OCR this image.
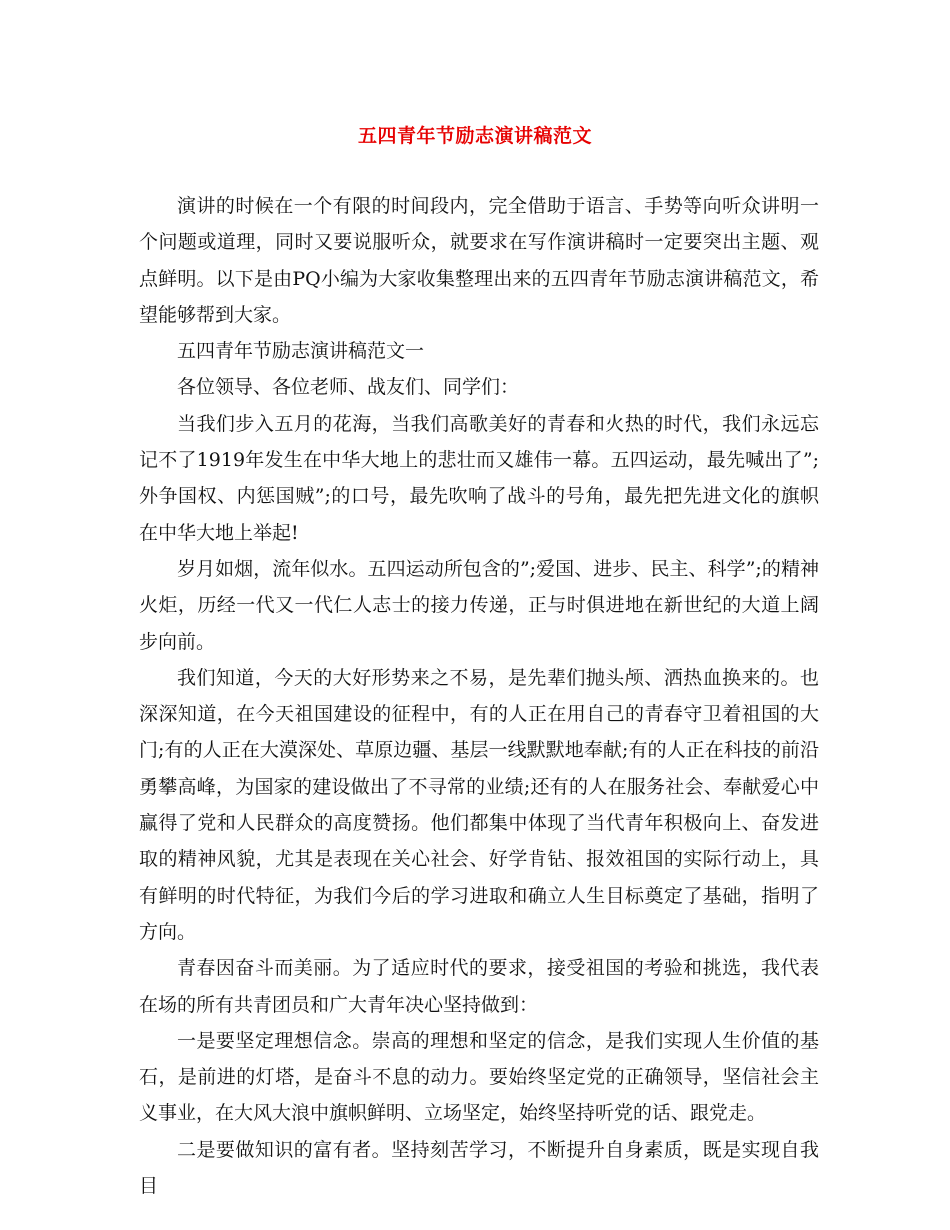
五四青年节励志演讲稿范文

演讲的时候在一个有限的时间段内，完全借助于语言、手势等向听众讲明一个问题或道理，同时又要说服听众，就要求在写作演讲稿时一定要突出主题、观点鲜明。以下是由PQ小编为大家收集整理出来的五四青年节励志演讲稿范文，希望能够帮到大家。

五四青年节励志演讲稿范文一

各位领导、各位老师、战友们、同学们：

当我们步入五月的花海，当我们高歌美好的青春和火热的时代，我们永远忘记不了1919年发生在中华大地上的悲壮而又雄伟一幕。五四运动，最先喊出了”;外争国权、内惩国贼”;的口号，最先吹响了战斗的号角，最先把先进文化的旗帜在中华大地上举起!

岁月如烟，流年似水。五四运动所包含的”;爱国、进步、民主、科学”;的精神火炬，历经一代又一代仁人志士的接力传递，正与时俱进地在新世纪的大道上阔步向前。

我们知道，今天的大好形势来之不易，是先辈们抛头颅、洒热血换来的。也深深知道，在今天祖国建设的征程中，有的人正在用自己的青春守卫着祖国的大门;有的人正在大漠深处、草原边疆、基层一线默默地奉献;有的人正在科技的前沿勇攀高峰，为国家的建设做出了不寻常的业绩;还有的人在服务社会、奉献爱心中赢得了党和人民群众的高度赞扬。他们都集中体现了当代青年积极向上、奋发进取的精神风貌，尤其是表现在关心社会、好学肯钻、报效祖国的实际行动上，具有鲜明的时代特征，为我们今后的学习进取和确立人生目标奠定了基础，指明了方向。

青春因奋斗而美丽。为了适应时代的要求，接受祖国的考验和挑选，我代表在场的所有共青团员和广大青年决心坚持做到：

一是要坚定理想信念。崇高的理想和坚定的信念，是我们实现人生价值的基石，是前进的灯塔，是奋斗不息的动力。要始终坚定党的正确领导，坚信社会主义事业，在大风大浪中旗帜鲜明、立场坚定，始终坚持听党的话、跟党走。

二是要做知识的富有者。坚持刻苦学习，不断提升自身素质，既是实现自我目
